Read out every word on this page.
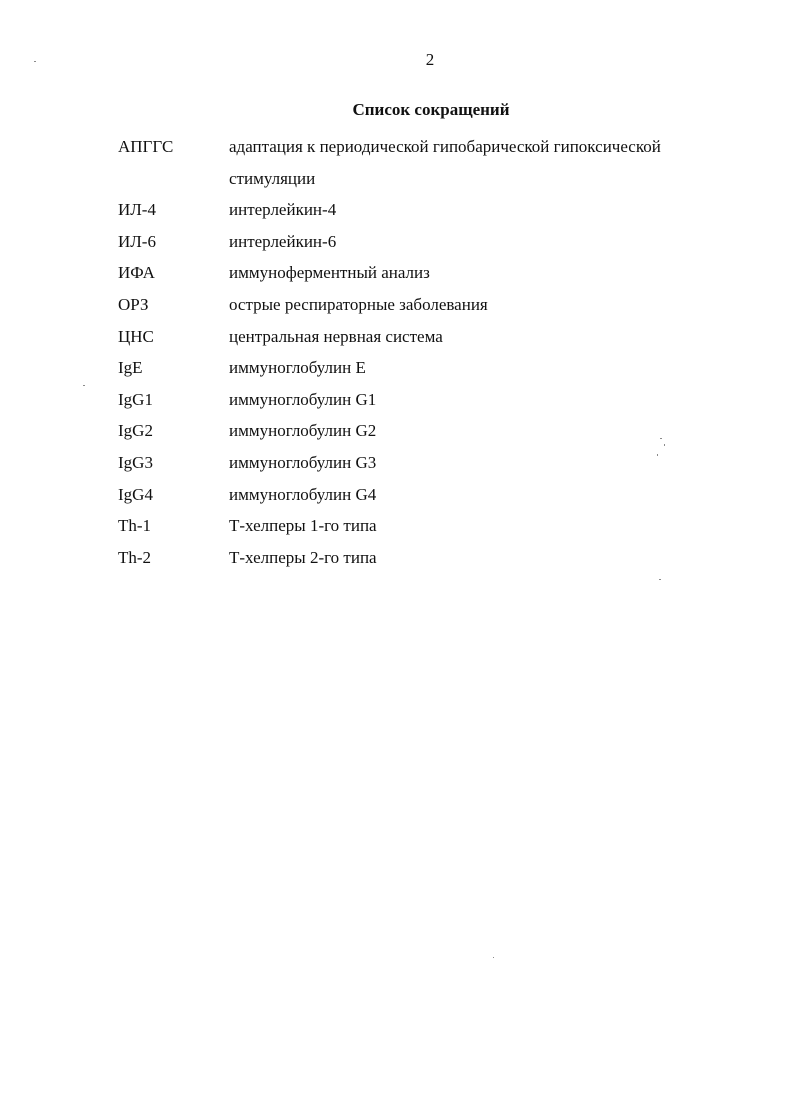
2
Список сокращений
АПГГС	адаптация к периодической гипобарической гипоксической стимуляции
ИЛ-4	интерлейкин-4
ИЛ-6	интерлейкин-6
ИФА	иммуноферментный анализ
ОРЗ	острые респираторные заболевания
ЦНС	центральная нервная система
IgE	иммуноглобулин Е
IgG1	иммуноглобулин G1
IgG2	иммуноглобулин G2
IgG3	иммуноглобулин G3
IgG4	иммуноглобулин G4
Th-1	Т-хелперы 1-го типа
Th-2	Т-хелперы 2-го типа
